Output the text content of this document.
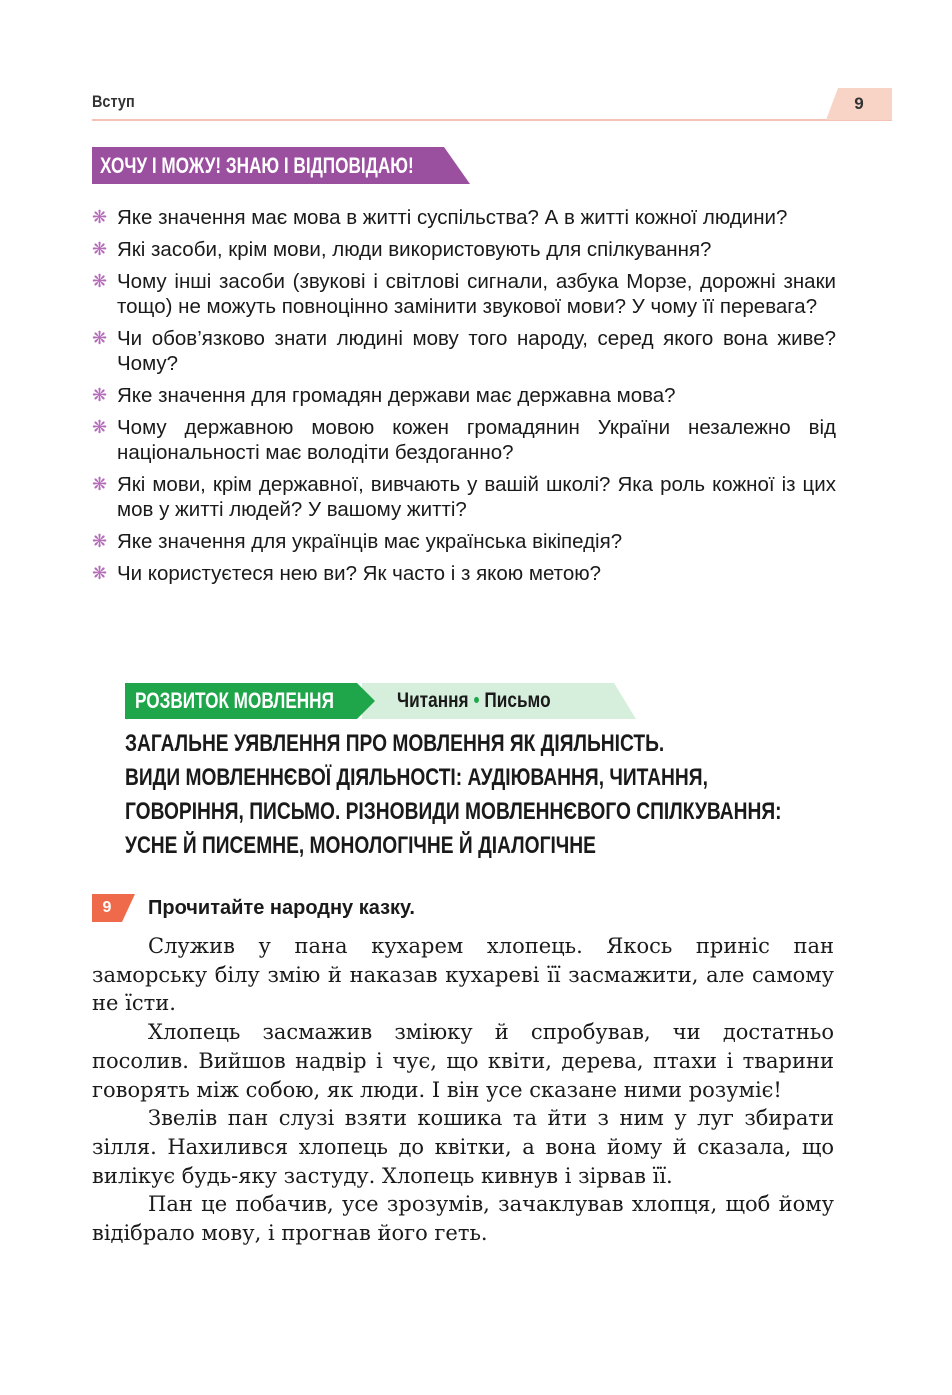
Вступ	9
ХОЧУ І МОЖУ! ЗНАЮ І ВІДПОВІДАЮ!
❋ Яке значення має мова в житті суспільства? А в житті кожної людини?
❋ Які засоби, крім мови, люди використовують для спілкування?
❋ Чому інші засоби (звукові і світлові сигнали, азбука Морзе, дорожні знаки тощо) не можуть повноцінно замінити звукової мови? У чому її перевага?
❋ Чи обов’язково знати людині мову того народу, серед якого вона живе? Чому?
❋ Яке значення для громадян держави має державна мова?
❋ Чому державною мовою кожен громадянин України незалежно від національності має володіти бездоганно?
❋ Які мови, крім державної, вивчають у вашій школі? Яка роль кожної із цих мов у житті людей? У вашому житті?
❋ Яке значення для українців має українська вікіпедія?
❋ Чи користуєтеся нею ви? Як часто і з якою метою?
РОЗВИТОК МОВЛЕННЯ	Читання • Письмо
ЗАГАЛЬНЕ УЯВЛЕННЯ ПРО МОВЛЕННЯ ЯК ДІЯЛЬНІСТЬ.
ВИДИ МОВЛЕННЄВОЇ ДІЯЛЬНОСТІ: АУДІЮВАННЯ, ЧИТАННЯ,
ГОВОРІННЯ, ПИСЬМО. РІЗНОВИДИ МОВЛЕННЄВОГО СПІЛКУВАННЯ:
УСНЕ Й ПИСЕМНЕ, МОНОЛОГІЧНЕ Й ДІАЛОГІЧНЕ
9	Прочитайте народну казку.

Служив у пана кухарем хлопець. Якось приніс пан заморську білу змію й наказав кухареві її засмажити, але самому не їсти.

Хлопець засмажив зміюку й спробував, чи достатньо посолив. Вийшов надвір і чує, що квіти, дерева, птахи і тварини говорять між собою, як люди. І він усе сказане ними розуміє!

Звелів пан слузі взяти кошика та йти з ним у луг збирати зілля. Нахилився хлопець до квітки, а вона йому й сказала, що вилікує будь-яку застуду. Хлопець кивнув і зірвав її.

Пан це побачив, усе зрозумів, зачаклував хлопця, щоб йому відібрало мову, і прогнав його геть.
